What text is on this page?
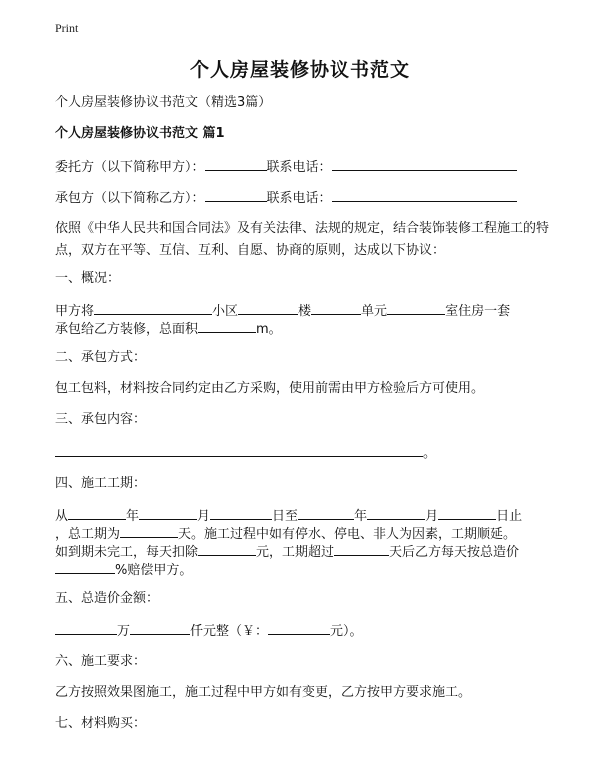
Print
个人房屋装修协议书范文
个人房屋装修协议书范文（精选3篇）
个人房屋装修协议书范文 篇1
委托方（以下简称甲方）：	联系电话：
承包方（以下简称乙方）：	联系电话：
依照《中华人民共和国合同法》及有关法律、法规的规定，结合装饰装修工程施工的特点，双方在平等、互信、互利、自愿、协商的原则，达成以下协议：
一、概况：
甲方将	小区	楼	单元	室住房一套
承包给乙方装修，总面积	m。
二、承包方式：
包工包料，材料按合同约定由乙方采购，使用前需由甲方检验后方可使用。
三、承包内容：
。
四、施工工期：
从	年	月	日至	年	月	日止
，总工期为	天。施工过程中如有停水、停电、非人为因素，工期顺延。
如到期未完工，每天扣除	元，工期超过	天后乙方每天按总造价
%赔偿甲方。
五、总造价金额：
万	仟元整（￥：	元）。
六、施工要求：
乙方按照效果图施工，施工过程中甲方如有变更，乙方按甲方要求施工。
七、材料购买：
